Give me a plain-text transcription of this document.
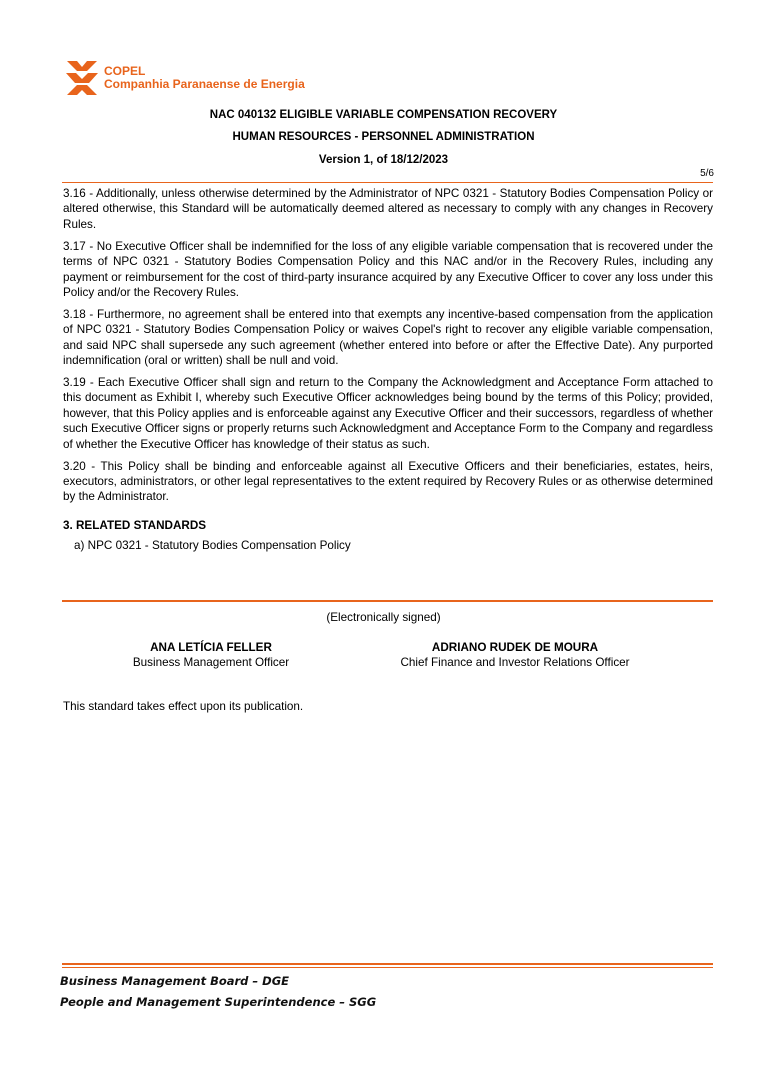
COPEL
Companhia Paranaense de Energia
NAC 040132 ELIGIBLE VARIABLE COMPENSATION RECOVERY
HUMAN RESOURCES - PERSONNEL ADMINISTRATION
Version 1, of 18/12/2023
5/6

3.16 - Additionally, unless otherwise determined by the Administrator of NPC 0321 - Statutory Bodies Compensation Policy or altered otherwise, this Standard will be automatically deemed altered as necessary to comply with any changes in Recovery Rules.

3.17 - No Executive Officer shall be indemnified for the loss of any eligible variable compensation that is recovered under the terms of NPC 0321 - Statutory Bodies Compensation Policy and this NAC and/or in the Recovery Rules, including any payment or reimbursement for the cost of third-party insurance acquired by any Executive Officer to cover any loss under this Policy and/or the Recovery Rules.

3.18 - Furthermore, no agreement shall be entered into that exempts any incentive-based compensation from the application of NPC 0321 - Statutory Bodies Compensation Policy or waives Copel's right to recover any eligible variable compensation, and said NPC shall supersede any such agreement (whether entered into before or after the Effective Date). Any purported indemnification (oral or written) shall be null and void.

3.19 - Each Executive Officer shall sign and return to the Company the Acknowledgment and Acceptance Form attached to this document as Exhibit I, whereby such Executive Officer acknowledges being bound by the terms of this Policy; provided, however, that this Policy applies and is enforceable against any Executive Officer and their successors, regardless of whether such Executive Officer signs or properly returns such Acknowledgment and Acceptance Form to the Company and regardless of whether the Executive Officer has knowledge of their status as such.

3.20 - This Policy shall be binding and enforceable against all Executive Officers and their beneficiaries, estates, heirs, executors, administrators, or other legal representatives to the extent required by Recovery Rules or as otherwise determined by the Administrator.

3. RELATED STANDARDS

a) NPC 0321 - Statutory Bodies Compensation Policy

(Electronically signed)
ANA LETÍCIA FELLER
Business Management Officer
ADRIANO RUDEK DE MOURA
Chief Finance and Investor Relations Officer
This standard takes effect upon its publication.
Business Management Board – DGE
People and Management Superintendence – SGG
